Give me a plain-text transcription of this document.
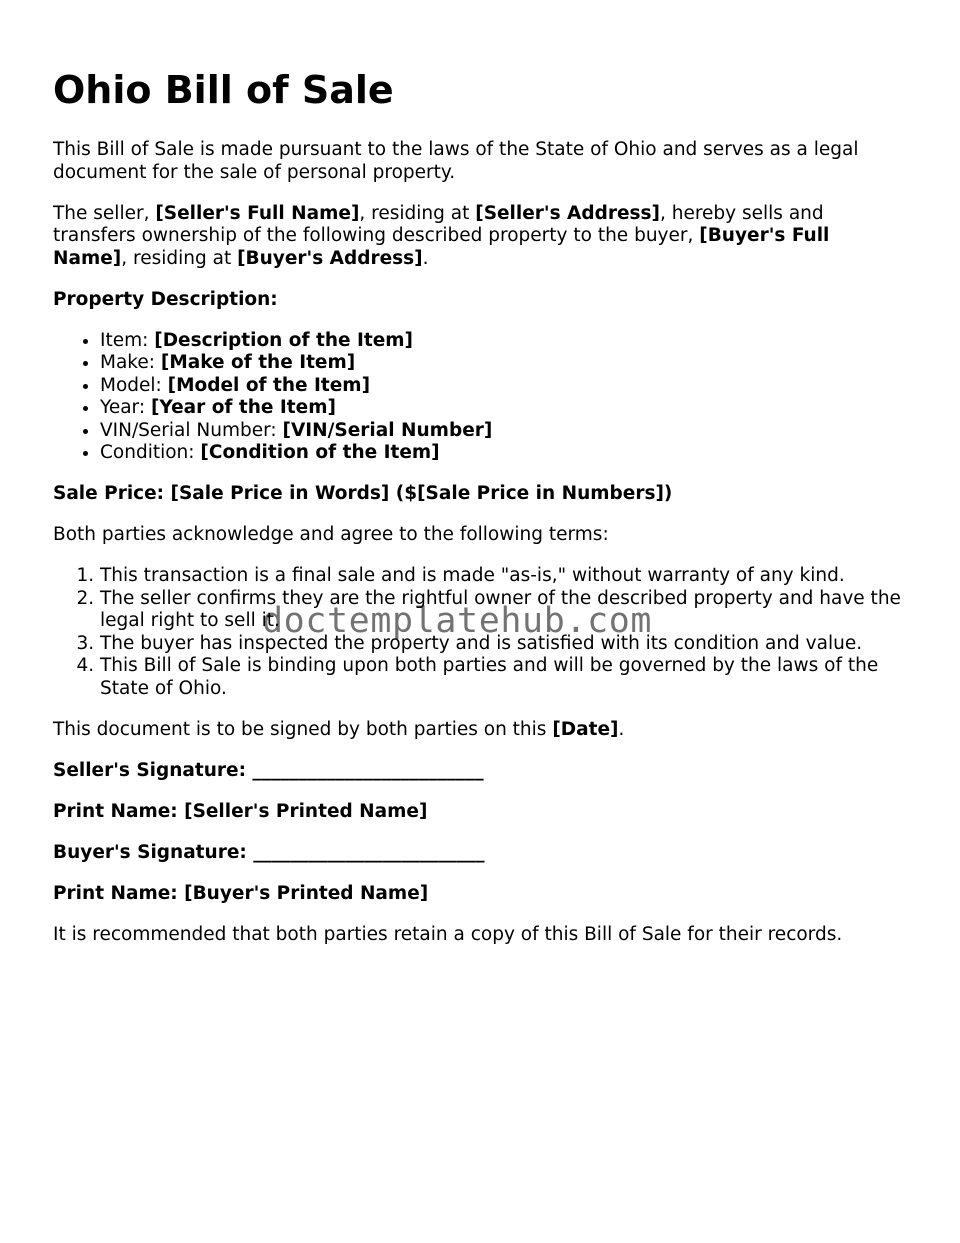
Ohio Bill of Sale

This Bill of Sale is made pursuant to the laws of the State of Ohio and serves as a legal document for the sale of personal property.

The seller, [Seller's Full Name], residing at [Seller's Address], hereby sells and transfers ownership of the following described property to the buyer, [Buyer's Full Name], residing at [Buyer's Address].

Property Description:

• Item: [Description of the Item]
• Make: [Make of the Item]
• Model: [Model of the Item]
• Year: [Year of the Item]
• VIN/Serial Number: [VIN/Serial Number]
• Condition: [Condition of the Item]

Sale Price: [Sale Price in Words] ($[Sale Price in Numbers])

Both parties acknowledge and agree to the following terms:

1. This transaction is a final sale and is made "as-is," without warranty of any kind.
2. The seller confirms they are the rightful owner of the described property and have the legal right to sell it.
3. The buyer has inspected the property and is satisfied with its condition and value.
4. This Bill of Sale is binding upon both parties and will be governed by the laws of the State of Ohio.

This document is to be signed by both parties on this [Date].

Seller's Signature: _________________________

Print Name: [Seller's Printed Name]

Buyer's Signature: _________________________

Print Name: [Buyer's Printed Name]

It is recommended that both parties retain a copy of this Bill of Sale for their records.

doctemplatehub.com
